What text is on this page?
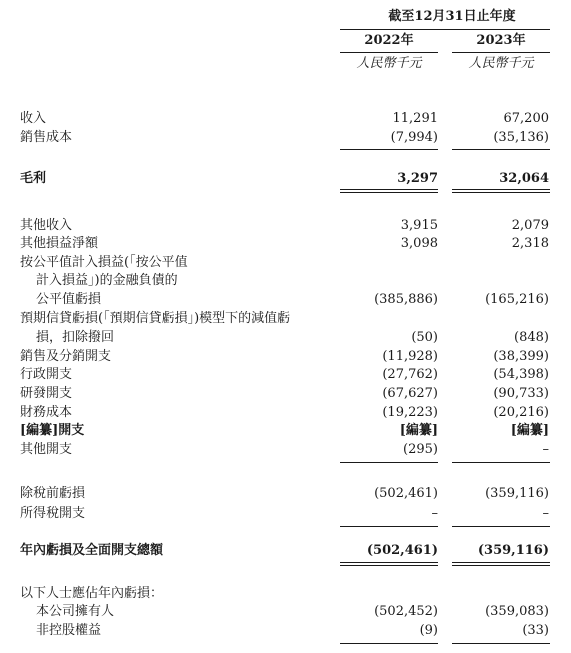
截至12月31日止年度
2022年	2023年
人民幣千元	人民幣千元
收入	11,291	67,200
銷售成本	(7,994)	(35,136)
毛利	3,297	32,064
其他收入	3,915	2,079
其他損益淨額	3,098	2,318
按公平值計入損益(「按公平值
計入損益」)的金融負債的
公平值虧損	(385,886)	(165,216)
預期信貸虧損(「預期信貸虧損」)模型下的減值虧
損，扣除撥回	(50)	(848)
銷售及分銷開支	(11,928)	(38,399)
行政開支	(27,762)	(54,398)
研發開支	(67,627)	(90,733)
財務成本	(19,223)	(20,216)
[編纂]開支	[編纂]	[編纂]
其他開支	(295)	–
除稅前虧損	(502,461)	(359,116)
所得稅開支	–	–
年內虧損及全面開支總額	(502,461)	(359,116)
以下人士應佔年內虧損：
本公司擁有人	(502,452)	(359,083)
非控股權益	(9)	(33)
